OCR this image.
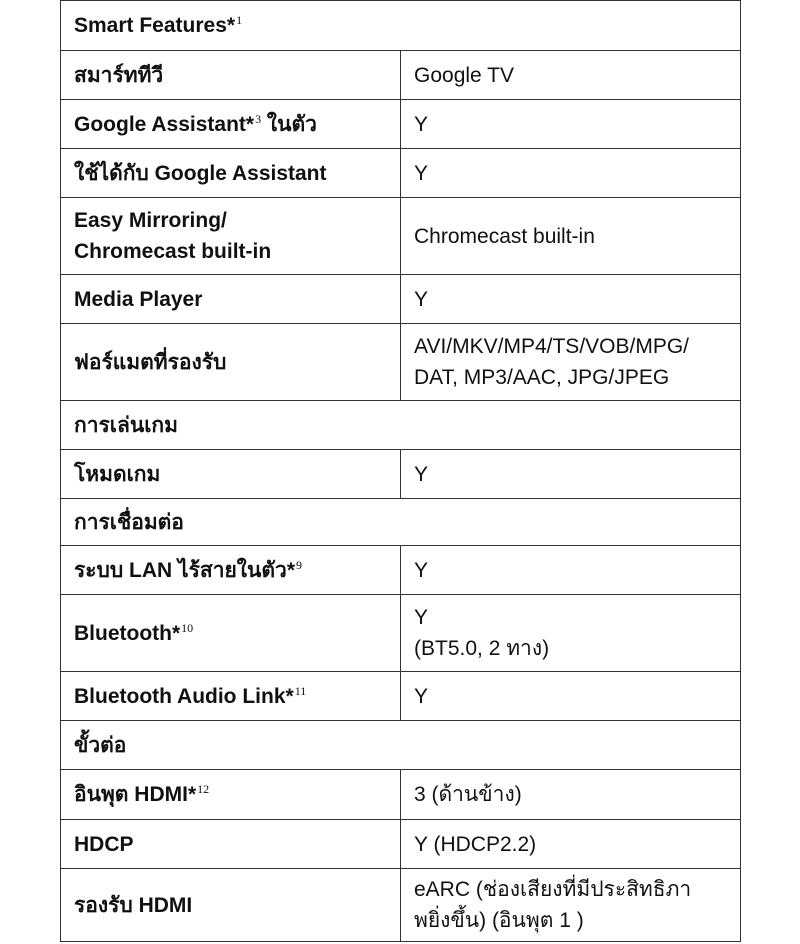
Smart Features*$^1$
สมาร์ททีวี	Google TV
Google Assistant*$^3$ ในตัว	Y
ใช้ได้กับ Google Assistant	Y

Easy Mirroring/
Chromecast built-in	Chromecast built-in
Media Player	Y
ฟอร์แมตที่รองรับ	AVI/MKV/MP4/TS/VOB/MPG/
DAT, MP3/AAC, JPG/JPEG

การเล่นเกม	
โหมดเกม	Y
การเชื่อมต่อ	
ระบบ LAN ไร้สายในตัว*$^9$	Y
Bluetooth*$^{10}$	Y
(BT5.0, 2 ทาง)

Bluetooth Audio Link*$^{11}$	Y
ขั้วต่อ	
อินพุต HDMI*$^{12}$	3 (ด้านข้าง)
HDCP	Y (HDCP2.2)
รองรับ HDMI	eARC (ช่องเสียงที่มีประสิทธิภา
พยิ่งขึ้น) (อินพุต 1 )
